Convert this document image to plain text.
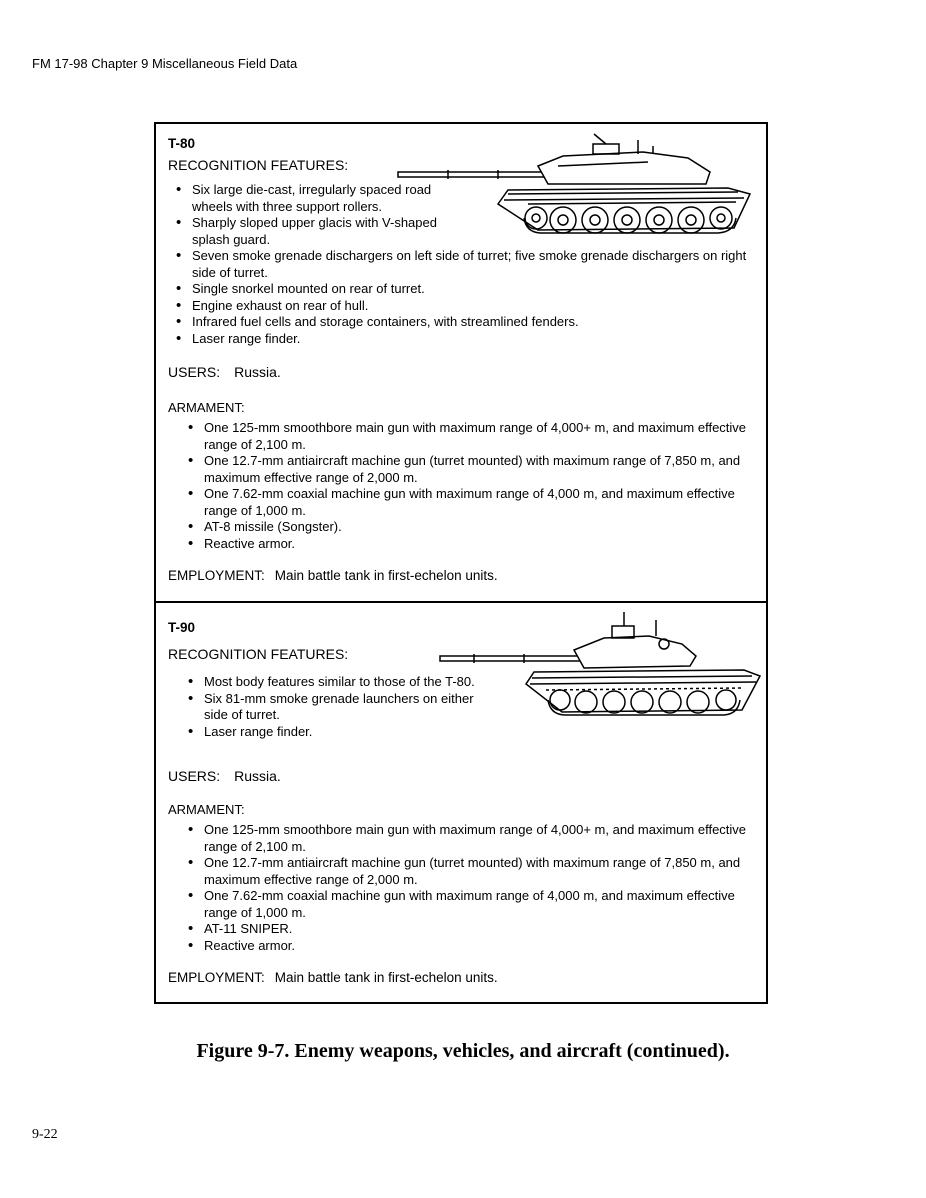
FM 17-98 Chapter 9 Miscellaneous Field Data
T-80
RECOGNITION FEATURES:
• Six large die-cast, irregularly spaced road wheels with three support rollers.
• Sharply sloped upper glacis with V-shaped splash guard.
• Seven smoke grenade dischargers on left side of turret; five smoke grenade dischargers on right side of turret.
• Single snorkel mounted on rear of turret.
• Engine exhaust on rear of hull.
• Infrared fuel cells and storage containers, with streamlined fenders.
• Laser range finder.
USERS: Russia.
ARMAMENT:
• One 125-mm smoothbore main gun with maximum range of 4,000+ m, and maximum effective range of 2,100 m.
• One 12.7-mm antiaircraft machine gun (turret mounted) with maximum range of 7,850 m, and maximum effective range of 2,000 m.
• One 7.62-mm coaxial machine gun with maximum range of 4,000 m, and maximum effective range of 1,000 m.
• AT-8 missile (Songster).
• Reactive armor.
EMPLOYMENT: Main battle tank in first-echelon units.
T-90
RECOGNITION FEATURES:
• Most body features similar to those of the T-80.
• Six 81-mm smoke grenade launchers on either side of turret.
• Laser range finder.
USERS: Russia.
ARMAMENT:
• One 125-mm smoothbore main gun with maximum range of 4,000+ m, and maximum effective range of 2,100 m.
• One 12.7-mm antiaircraft machine gun (turret mounted) with maximum range of 7,850 m, and maximum effective range of 2,000 m.
• One 7.62-mm coaxial machine gun with maximum range of 4,000 m, and maximum effective range of 1,000 m.
• AT-11 SNIPER.
• Reactive armor.
EMPLOYMENT: Main battle tank in first-echelon units.
Figure 9-7. Enemy weapons, vehicles, and aircraft (continued).
9-22
